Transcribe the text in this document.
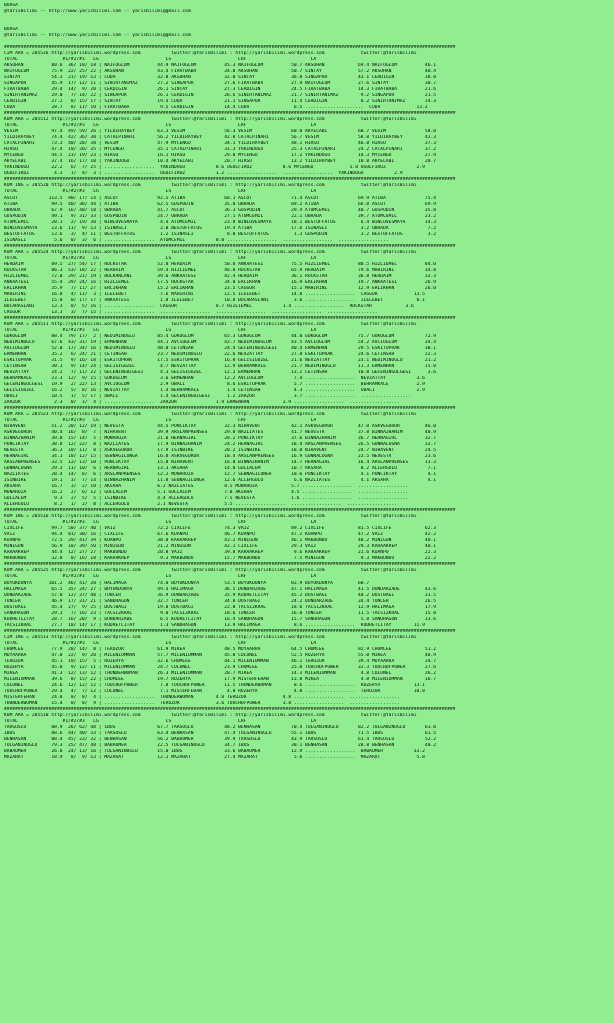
BURSA
@YarisBilimi -- http://www.yarisbilimi.com -- yarisbilimi@gmail.com

BURSA
@YarisBilimi -- http://www.yarisbilimi.com -- yarisbilimi@gmail.com

##################################################################################################################################################################
CIM ARA = 205526 http://yarisbilimi.wordpress.com           twitter:@YarisBilimi : http://yarisbilimi.wordpress.com             twitter:@YarisBilimi
TOTAL                #1/#2/#3   LG                        LS                        LRF                       LA
AKSUHAN          80.6  36/ 18/ 18 | NAIFOGLUM          44.9 NAIFOGLUM          45.3 NAIFOGLUM          50.7 AKSUHAN            69.4 NAIFOGLUM          46.1
NAIFOGLUM        75.9  22/ 25/ 22 | AKSUHAN            43.4 FIRATBABA          34.8 AKSUHAN            50.7 SINTAY             57.2 AKSUHAN            40.4
SINTAY           54.3  21/ 19/ 13 | CUDA               32.8 AKSUHAN            32.0 SINTAY             36.8 SINGAPUR           43.1 CERDIGIN           38.8
SINGAPUR         45.9  17/ 12/ 11 | SINIRTANIMAZ       27.2 SINGAPUR           27.6 FIRATBABA          27.9 NAIFOGLUM          27.6 SINTAY             30.7
FIRATBABA        29.4  14/  9/ 20 | CERDIGIN           26.1 SINTAY             27.3 CERDIGIN           24.5 FIRATBABA          14.3 FIRATBABA          21.6
SINIRTANIMAZ     29.0   7/ 14/ 22 | SINGAPUR           26.1 CERDIGIN           26.6 SINIRTANIMAZ       21.7 SINIRTANIMAZ        9.2 SINGAPUR           21.5
CERDIGIN         27.2   8/ 15/ 17 | SINTAY             19.4 CUDA               21.1 SINGAPUR           11.4 CERDIGIN            8.2 SINIRTANIMAZ       14.3
CUDA             28.7   8/ 11/ 10 | FIRATBABA           9.5 CERDIGIN           14.4 CUDA                6.5 .....................  CUDA             12.2
##################################################################################################################################################################
KUM ARA = 205512 http://yarisbilimi.wordpress.com           twitter:@YarisBilimi : http://yarisbilimi.wordpress.com             twitter:@YarisBilimi
TOTAL                #1/#2/#3   LG                        LS                        LRF                       LA
VESIM            97.4  49/ 59/ 26 | YILDIRAYBEY        63.3 VESIM              56.3 VESIM              60.0 AKYELABI           68.7 VESIM              58.0
YILDIRAYBEY      74.4  42/ 36/ 30 | CATALPINARI        56.2 YILDIRAYBEY        42.0 CATALPINARI        56.7 VESIM              58.0 YILDIRAYBEY        42.3
CATALPINARI      73.3  40/ 28/ 38 | VESIM              47.9 MYCENGO            34.1 YILDIRAYBEY        48.1 HIRSO              46.0 HIRSO              37.3
HIRSO            47.4  10/ 20/ 35 | MYCENGO            35.1 CATALPINARI        31.3 YAKINDOGU          25.3 CATALPINARI        24.2 CATALPINARI        37.2
MYCENGO          44.5  23/ 19/ 23 | HIRSO              16.1 HIRSO              29.0 MYCENGO            17.2 YAKINDOGU          14.3 MYCENGO            27.9
AKYELABI         37.4  16/ 17/ 10 | YAKINDOGU          10.4 AKYELABI           20.7 HIRSO              13.2 YILDIRAYBEY        10.0 AKYELABI           20.7
YAKINDOGU        22.2   6/  7/ 25 | ..................  YAKINDOGU           8.6 OGULFIRUZ           8.6 MYCENGO             5.8 OGULFIRUZ           2.9
OGULFIRUZ         4.3   1/  4/  3 | ..................  OGULFIRUZ           1.2 ..................  ..................  YAKINDOGU           2.9
##################################################################################################################################################################
KUM ING = 205520 http://yarisbilimi.wordpress.com           twitter:@YarisBilimi : http://yarisbilimi.wordpress.com             twitter:@YarisBilimi
TOTAL                #1/#2/#3   LG                        LS                        LRF                       LA
ASCOT           113.5  90/ 17/ 14 | ASCOT              92.5 ATIBA              68.1 ASCOT              71.4 ASCOT              69.9 ATIBA              75.4
ATIBA            99.5  40/ 38/ 44 | ATIBA              62.5 GOSPODIN           35.0 OBRADA             69.2 ATIBA              66.0 ASCOT              69.9
OBRADA           67.9  16/ 40/ 18 | OBRADA             41.7 ASCOT              36.3 GOSPODIN           29.4 ATOMCEMIL          40.7 GOSPODIN           35.8
GOSPODIN         49.1   9/ 31/ 33 | GOSPODIN           24.7 OBRADA             27.1 ATOMCEMIL          22.1 OBRADA             39.7 ATOMCEMIL          23.2
ATOMCEMIL        28.1   2/ 19/ 30 | WINLOVESMAYA        4.4 ATOMCEMIL          23.8 WINLOVESMAYA       18.1 BESTOFFATOS         6.4 WINLOVESMAYA       14.3
WINLOVESMAYA     23.6  11/  9/ 13 | ISINASLI            2.0 BESTOFFATOS        19.4 ATIBA              17.6 ISINASLI            3.2 OBRADA              7.2
BESTOFFATOS      13.6   3/  4/ 11 | BESTOFFATOS         1.2 ISINASLI            8.0 BESTOFFATOS         1.3 GOSPODIN            3.2 BESTOFFATOS         3.2
ISINASLI          5.6   0/  3/  6 | ..................  ATOMCEMIL           8.0 ..................  ..................  ..................
##################################################################################################################################################################
KUM ARA = 205524 http://yarisbilimi.wordpress.com           twitter:@YarisBilimi : http://yarisbilimi.wordpress.com             twitter:@YarisBilimi
TOTAL                #1/#2/#3   LG                        LS                        LRF                       LA
HERDAIM          89.5  27/ 54/ 17 | ROCKSTAR           52.0 HERDAIM            50.0 ANKAATESI          75.5 HIZLIEMEL          80.5 HIZLIEMEL          84.0
ROCKSTAR         86.3  53/ 18/ 22 | HERDAIM            59.4 HIZLIEMEL          46.8 ROCKSTAR           65.9 HERDAIM            79.6 MAHIRINI           34.8
HIZLIEMEL        72.0  29/ 21/ 19 | BOLKANLANI         39.6 ANKAATESI          42.4 HERDAIM            36.1 ROCKSTAR           36.8 HERDAIM            32.3
ANKAATESI        55.4  29/ 24/ 16 | HIZLIEMEL          17.5 ROCKSTAR           34.0 ERLIKHAN           16.9 ERLIKHAN           19.7 ANKAATESI          26.9
ERLIKHAN         35.9   7/ 11/ 27 | ERLIKHAN           15.2 ERLIKHAN           23.5 CAGGUR             15.1 MAHIRINI           12.9 ERLIKHAN           26.0
MAHIRINI         16.8   4/ 11/  3 | ILELEBET            7.6 MAHIRINI           12.5 ILELEBET           14.8 ..................  CAGGUR             13.5
ILELEBET         15.0   0/ 17/ 17 | ANKAATESI           1.8 ILELEBET           10.8 BOCARASLANI         3.6 ..................  ILELEBET            8.1
BOCARASLANI      13.3   0/  5/ 16 | ..................  CAGGUR              8.7 HIZLIEMEL           1.4 ..................  ROCKSTAR            3.6
CAGGUR           13.3   3/  7/ 15 | ..................  ..................  ..................  ..................  ..................
##################################################################################################################################################################
KUM ARA = 205511 http://yarisbilimi.wordpress.com           twitter:@YarisBilimi : http://yarisbilimi.wordpress.com             twitter:@YarisBilimi
TOTAL                #1/#2/#3   LG                        LS                        LRF                       LA
GOKOGLUM         88.4  79/ 17/  2 | NEDIMINOGLU        85.4 GOKOGLUM           65.3 GOKOGLUM           44.0 GOKOGLUM           75.7 GOKOGLUM           72.9
NEDIMINOGLU      67.6  43/ 31/ 19 | ERMENHAN           44.1 AVCIOGLUM          42.7 NEDIMINOGLUM       43.5 AVCIOGLUM          54.2 AVCIOGLUM          34.4
AVCIOGLUM        52.0  17/ 34/ 16 | NEDIMINOGLU        40.0 CETINSAH           24.4 GECENINGOLGESI     40.4 ERMENHAN           29.5 ESKITOPRAK         30.1
ERMENHAN         35.2   6/ 24/ 21 | CETINSAH           23.7 NEDIMINOGLU        22.6 NEVZATTAY          27.8 ESKITOPRAK         24.6 CETINSAH           22.3
ESKITOPRAK       31.5   9/ 16/ 18 | ESKITOPRAK         17.5 ESKITOPRAK         16.8 GELISIGUZEL        21.6 NEVZATTAY          23.1 NEDIMINOGLU        21.2
CETINSAH         30.1   9/ 14/ 24 | GELISIGUZEL         4.7 NEVZATTAY          12.9 BEHRAMKALE         21.7 NEDIMINOGLU        11.3 ERMENHAN           15.0
NEVZATTAY        24.2   7/ 11/ 22 | GECENINGOLGESI      4.3 GELISIGUZEL        12.2 ERMENHAN           13.2 CETINSAH           10.8 GECENINGOLGESI      3.6
BEHRAMKALE       23.3  12/  9/ 15 | GOKOGLUM            3.6 ERMENHAN           12.2 AVCIOGLUM           7.4 ..................  NEVZATTAY           3.6
GECENINGOLGESI   19.9   2/ 22/ 13 | AVCIOGLUM           2.9 OBALI               8.6 ESKITOPRAK          5.7 ..................  BEHRAMKALE          2.9
GELISIGUZEL      16.2   5/  8/ 16 | NEVZATTAY           1.4 BEHRAMKALE          1.4 CETINSAH            4.3 ..................  OBALI               2.9
OBALI            10.5   1/  5/ 17 | OBALI               1.4 GECENINGOLGESI      1.2 ZARZOR              3.7 ..................  ..................
ZARZOR            2.3   0/  1/  4 | ..................  ZARZOR              1.9 ERMENHAN            2.9 ..................  ..................
##################################################################################################################################################################
KUM ARA = 205523 http://yarisbilimi.wordpress.com           twitter:@YarisBilimi : http://yarisbilimi.wordpress.com             twitter:@YarisBilimi
TOTAL                #1/#2/#3   LG                        LS                        LRF                       LA
NIHAVENT         51.2  20/ 12/ 19 | NEVESTA            44.5 PONCIKTAY          32.3 NIHAVENT           42.1 ASKVEGURUR         47.0 ASKVEGURUR         46.0
ASKVEGURUR       40.4  16/  8/  7 | NIHAVENT           39.9 ARSLANPRENSES      29.0 NAZLIATES          41.7 NEVESTA            37.8 BINNAZHANIM        40.9
BINNAZHANIM      39.8  15/ 14/  5 | MONAROZA           21.0 HERNAGIRL          28.2 PONCIKTAY          37.6 BINNAZHANIM        36.7 HERNAGIRL          32.7
PONCIKTAY        38.8  12/ 22/  8 | NAZLIATES          17.9 BINNAZHANIM        24.2 HERNAGIRL          18.4 ARSLANPRENSES      26.5 GONNALOGNA         32.7
NEVESTA          36.2  10/ 11/  8 | ASKVEGURUR         17.9 ISINBIKE           20.2 ISINBIKE           18.0 NIHAVENT           24.7 NIHAVENT           24.5
HERNAGIRL        34.1  10/ 12/ 15 | SEBNAGILONGA       16.8 ASKVEGURUR         18.4 ARSLANPRENSES      16.9 GONNALOGNA         23.5 NEVESTA            23.6
ARSLANPRENSES    33.5  12/ 13/ 10 | PONCIKTAY          15.8 NIHAVENT           16.0 BINNAZHANIM        14.7 HERNAGIRL          16.4 ARSLANPRENSES      13.3
GONNALOGNA       29.3  11/ 10/  6 | HERNAGIRL          13.3 AKSARA             14.0 GOLLALEM           10.7 AKSARA              8.2 ALLERGULU           7.1
NAZLIATES        28.4  14/  6/  6 | ARSLANPRENSES      12.2 MONAROZA           12.7 SEBNAGILONGA       10.6 PONCIKTAY           4.1 PONCIKTAY           4.1
ISINBIKE         19.1   3/  7/ 14 | BINNAZHANIM        11.8 SEBNAGILONGA       12.6 ALLERGULU           6.6 NAZLIATES           4.1 AKSARA              4.1
AKSARA           16.7   3/  2/ 10 | AKSARA             6.2 NAZLIATES           8.5 MONAROZA            5.7 ..................  ..................
MONAROZA         16.2   2/  6/ 12 | GOLLALEM           5.1 GOLLALEM            7.8 AKSARA              4.5 ..................  ..................
GOLLALEM          9.3   2/  5/  5 | ISINBIKE           4.4 ALLERGULU           7.5 NEVESTA             1.6 ..................  ..................
ALLERGULU         8.2   1/  2/  8 | ALLERGULU          2.1 NEVESTA             5.5 ..................  ..................  ..................
##################################################################################################################################################################
KUM ING = 205516 http://yarisbilimi.wordpress.com           twitter:@YarisBilimi : http://yarisbilimi.wordpress.com             twitter:@YarisBilimi
TOTAL                #1/#2/#3   LG                        LS                        LRF                       LA
CIXLIFE          99.7  50/ 37/ 40 | VAIZ               72.2 CIXLIFE            74.3 VAIZ               89.2 CIXLIFE            81.5 CIXLIFE            62.3
VAIZ             94.4  81/ 30/ 16 | CIXLIFE            67.6 KUANPO             46.7 KUANPO             47.2 KUANPO             47.2 VAIZ               42.2
KUANPO           72.5  29/ 41/ 39 | KUANPO             38.0 KARAAKREP          43.2 MINIGUN            46.1 MAKBUNDO           40.2 MINIGUN            40.1
MINIGUN          56.9  10/ 39/ 50 | MINIGUN            21.2 MINIGUN            42.1 CIXLIFE            29.3 VAIZ               29.3 KARAAKREP          40.1
KARAAKREP        44.4  12/ 27/ 27 | MAKBUNDO           20.8 VAIZ               39.8 KARAAKREP           9.6 KARAAKREP          21.6 KUANPO             22.3
MAKBUNDO         32.8   8/ 16/ 18 | KARAAKREP           9.3 MAKBUNDO           15.7 MAKBUNDO            7.5 MINIGUN             9.3 MAKBUNDO           22.2
##################################################################################################################################################################
KUM ARA = 205525 http://yarisbilimi.wordpress.com           twitter:@YarisBilimi : http://yarisbilimi.wordpress.com             twitter:@YarisBilimi
TOTAL                #1/#2/#3   LG                        LS                        LRF                       LA
BUYUKDUNYA      101.2  46/ 41/ 20 | HALIMAGA           74.0 BUYUKDUNYA         53.5 BUYUKDUNYA         82.9 BUYUKDUNYA         68.7
HALIMAGA         65.5  35/ 24/ 27 | BUYUKDUNYA         49.4 HALIMAGA           36.5 DUNDARZADE         47.1 HALIMAGA           41.5 DUNDARZADE         43.6
DUNDARZADE       57.0  12/ 37/ 48 | TUNCER             36.9 DUNDARZADE         35.9 KUDRETLITAY        45.2 DOSTBAGI           40.2 DOSTBAGI           31.5
TUNCER           46.9  17/ 31/ 21 | SANDRAGON          32.7 TUNCER             34.8 DOSTBAGI           24.2 DUNDARZADE         34.4 TUNCER             26.5
DOSTBAGI         45.4  27/  9/ 25 | DOSTBAGI           19.0 DOSTBAGI           22.8 TACSIZKRAL         18.6 TACSIZKRAL         12.9 HALIMAGA           17.9
SANDRAGON        29.1   7/ 18/ 23 | TACSIZKRAL          9.0 TACSIZKRAL         18.6 TUNCER             16.0 TUNCER             11.5 TACSIZKRAL         15.8
KUDRETLITAY      28.7  16/ 20/  9 | DUNDARZADE          6.5 KUDRETLITAY        16.4 SANDRAGON          15.7 SANDRAGON           5.8 SANDRAGON          13.6
TACSIZKRAL       27.7  10/ 14/ 17 | KUDRETLITAY         1.3 SANDRAGON          13.9 HALIMAGA            8.6 ..................  KUDRETLITAY        11.9
##################################################################################################################################################################
CIM ING = 205513 http://yarisbilimi.wordpress.com           twitter:@YarisBilimi : http://yarisbilimi.wordpress.com             twitter:@YarisBilimi
TOTAL                #1/#2/#3   LG                        LS                        LRF                       LA
CHUMLEE          77.9  28/ 14/  8 | TERUZOR            61.9 MIKEA              48.5 MOYAARRA           64.5 CHUMLEE            92.9 CHUMLEE            51.2
MOYAARRA         47.8  22/  9/ 20 | MILENIUMMAN        57.7 MILENIUMMAN        45.0 COLONEL            52.5 ROZERYA            55.0 MIKEA              48.9
TERUZOR          45.1  10/ 15/  5 | ROZERYA            32.6 CHUMLEE            44.1 MILENIUMMAN        46.2 TERUZOR            39.4 MOYAARRA           34.7
ROZERYA          45.0   9/ 12/ 11 | MILENIUMMAN        24.7 COLONEL            23.9 CHUMLEE            25.8 TOUCHOFPOWER       32.3 TOUCHOFPOWER       27.6
MIKEA            41.3  12/ 13/ 12 | THUNDERWOMAN       26.3 MILENIUMMAN        20.7 MIKEA              14.3 MILENIUMMAN         4.8 COLONEL            26.2
MILENIUMMAN      39.6   8/ 15/ 22 | CHUMLEE            19.7 ROZERYA            17.9 MISTERFEHAN        13.8 MIKEA               4.8 MILENIUMMAN        16.7
COLONEL          24.6  12/ 12/ 12 | TOUCHOFPOWER        7.8 TOUCHOFPOWER       11.5 THUNDERWOMAN        8.6 ..................  ROZERYA            13.1
TOUCHOFPOWER     29.4   4/  7/ 12 | COLONEL             7.1 MISTERFEHAN         4.8 ROZERYA             4.8 ..................  TERUZOR            10.8
MISTERFEHAN      24.8   8/  8/  4 | ..................  THUNDERWOMAN        4.8 TERUZOR             4.8 ..................  ..................
THUNDERWOMAN     15.4   0/  8/  9 | ..................  TERUZOR             3.6 TOUCHOFPOWER        3.8 ..................  ..................
##################################################################################################################################################################
KUM ARA = 205510 http://yarisbilimi.wordpress.com           twitter:@YarisBilimi : http://yarisbilimi.wordpress.com             twitter:@YarisBilimi
TOTAL                #1/#2/#3   LG                        LS                        LRF                       LA
TARSUSLU         88.9  26/ 62/ 48 | IBOS               67.7 TARSUSLU           48.2 BENHASAN           70.4 TOLGANINOGLU       82.2 TOLGANINOGLU       63.0
IBOS             88.6  44/ 40/ 33 | TARSUSLU           63.4 BENHASAN           47.4 TOLGANINOGLU       55.1 IBOS               71.5 IBOS               61.5
BENHASAN         88.4  45/ 23/ 32 | BENHASAN           56.2 BABAOMER           39.9 TARSUSLU           43.9 TARSUSLU           61.4 TARSUSLU           52.2
TOLGANINOGLU     79.3  25/ 47/ 48 | BABAOMER           22.5 TOLGANINOGLU       34.7 IBOS               30.1 BENHASAN           28.8 BENHASAN           40.2
BABAOMER         26.8  24/ 13/ 16 | TOLGANINOGLU       15.0 IBOS               33.6 BABAOMER           12.9 ..................  BABAOMER           33.2
MAZARAT          18.9   8/  9/ 13 | MAZARAT            12.1 MAZARAT            27.4 MAZARAT             5.6 ..................  MAZARAT             5.8
